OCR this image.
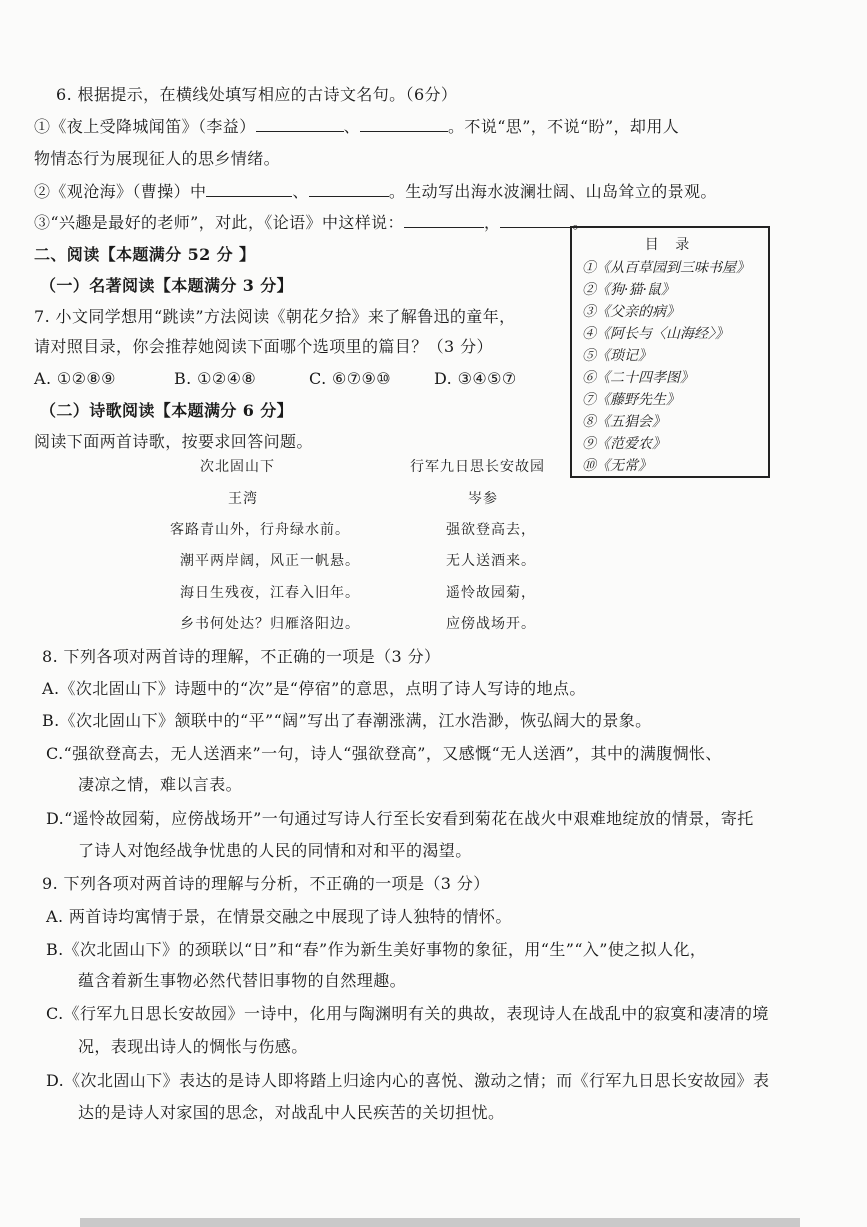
6. 根据提示，在横线处填写相应的古诗文名句。（6分）
①《夜上受降城闻笛》（李益）	、	。不说“思”，不说“盼”，却用人
物情态行为展现征人的思乡情绪。
②《观沧海》（曹操）中	、	。生动写出海水波澜壮阔、山岛耸立的景观。
③“兴趣是最好的老师”，对此，《论语》中这样说：	，	。
二、阅读【本题满分 52 分 】
（一）名著阅读【本题满分 3 分】
7. 小文同学想用“跳读”方法阅读《朝花夕拾》来了解鲁迅的童年，
请对照目录，你会推荐她阅读下面哪个选项里的篇目？（3 分）
A. ①②⑧⑨	B. ①②④⑧	C. ⑥⑦⑨⑩	D. ③④⑤⑦
（二）诗歌阅读【本题满分 6 分】
阅读下面两首诗歌，按要求回答问题。
目 录
①《从百草园到三味书屋》
②《狗·猫·鼠》
③《父亲的病》
④《阿长与〈山海经〉》
⑤《琐记》
⑥《二十四孝图》
⑦《藤野先生》
⑧《五猖会》
⑨《范爱农》
⑩《无常》
次北固山下
王湾
客路青山外，行舟绿水前。
潮平两岸阔，风正一帆悬。
海日生残夜，江春入旧年。
乡书何处达？归雁洛阳边。
行军九日思长安故园
岑参
强欲登高去，
无人送酒来。
遥怜故园菊，
应傍战场开。
8. 下列各项对两首诗的理解，不正确的一项是（3 分）
A.《次北固山下》诗题中的“次”是“停宿”的意思，点明了诗人写诗的地点。
B.《次北固山下》颔联中的“平”“阔”写出了春潮涨满，江水浩渺，恢弘阔大的景象。
C.“强欲登高去，无人送酒来”一句，诗人“强欲登高”，又感慨“无人送酒”，其中的满腹惆怅、
凄凉之情，难以言表。
D.“遥怜故园菊，应傍战场开”一句通过写诗人行至长安看到菊花在战火中艰难地绽放的情景，寄托
了诗人对饱经战争忧患的人民的同情和对和平的渴望。
9. 下列各项对两首诗的理解与分析，不正确的一项是（3 分）
A. 两首诗均寓情于景，在情景交融之中展现了诗人独特的情怀。
B.《次北固山下》的颈联以“日”和“春”作为新生美好事物的象征，用“生”“入”使之拟人化，
蕴含着新生事物必然代替旧事物的自然理趣。
C.《行军九日思长安故园》一诗中，化用与陶渊明有关的典故，表现诗人在战乱中的寂寞和凄凊的境
况，表现出诗人的惆怅与伤感。
D.《次北固山下》表达的是诗人即将踏上归途内心的喜悦、激动之情；而《行军九日思长安故园》表
达的是诗人对家国的思念，对战乱中人民疾苦的关切担忧。
